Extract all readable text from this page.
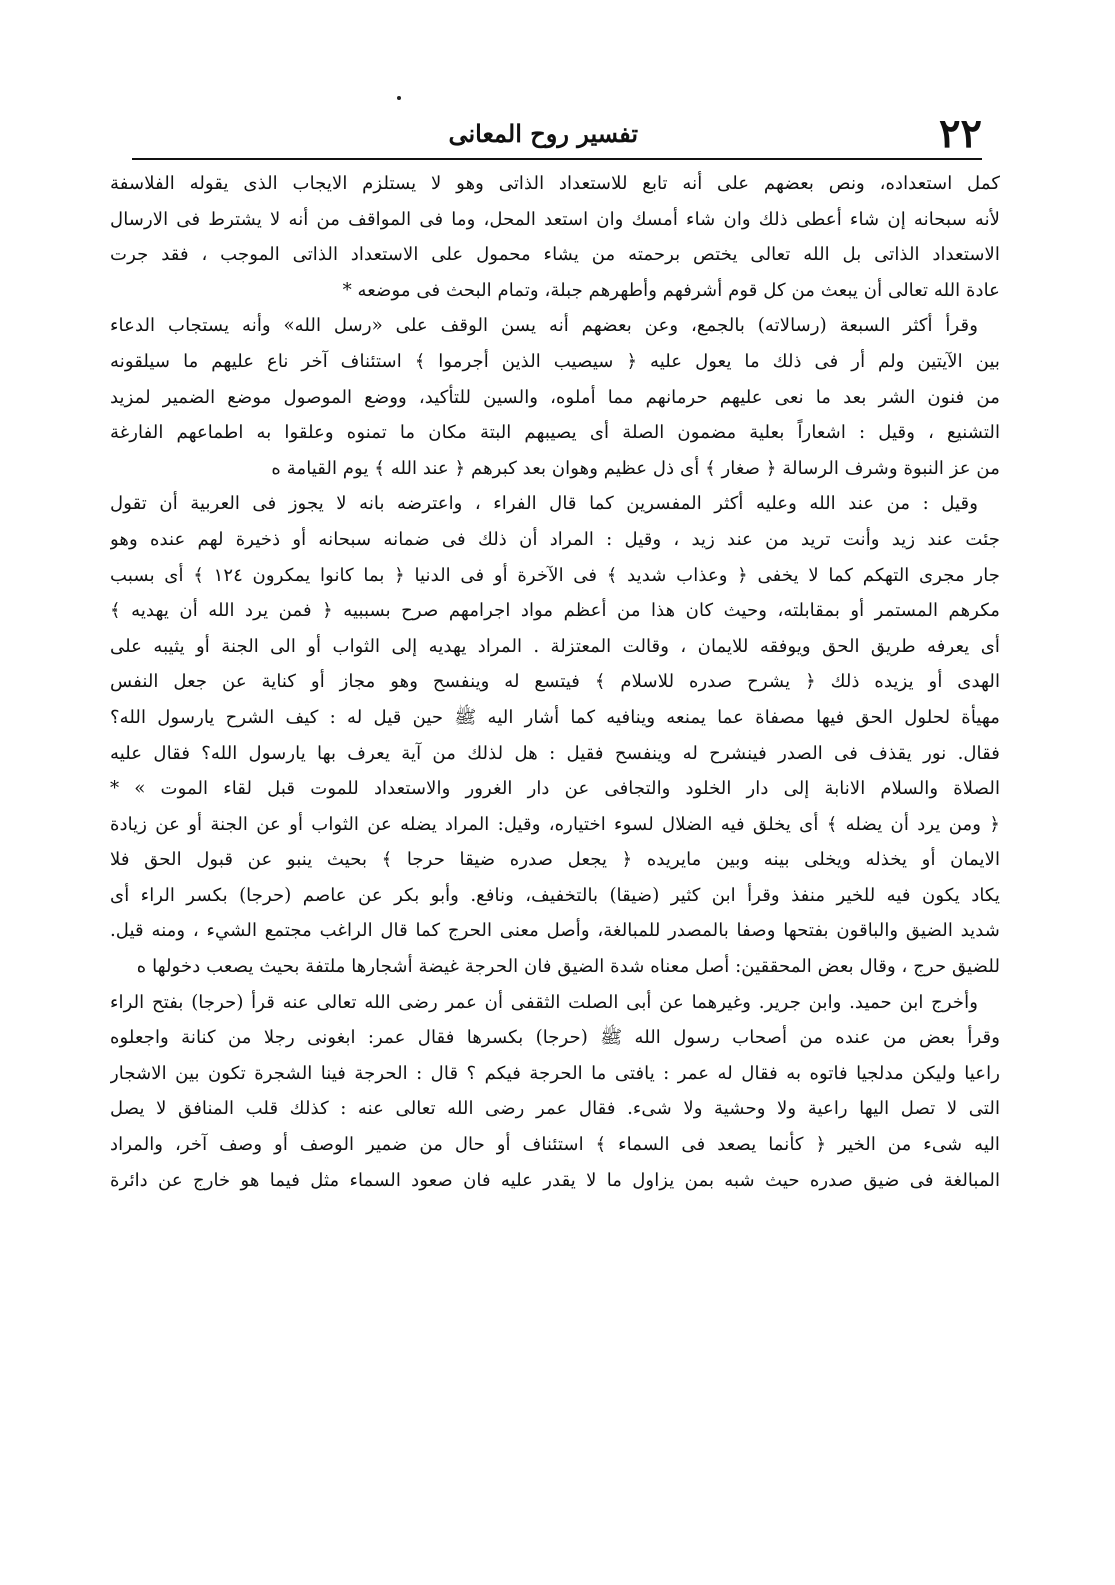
٢٢
تفسير روح المعانى
كمل استعداده، ونص بعضهم على أنه تابع للاستعداد الذاتى وهو لا يستلزم الايجاب الذى يقوله الفلاسفة
لأنه سبحانه إن شاء أعطى ذلك وان شاء أمسك وان استعد المحل، وما فى المواقف من أنه لا يشترط فى الارسال
الاستعداد الذاتى بل الله تعالى يختص برحمته من يشاء محمول على الاستعداد الذاتى الموجب ، فقد جرت
عادة الله تعالى أن يبعث من كل قوم أشرفهم وأطهرهم جبلة، وتمام البحث فى موضعه *
وقرأ أكثر السبعة (رسالاته) بالجمع، وعن بعضهم أنه يسن الوقف على «رسل الله» وأنه يستجاب الدعاء
بين الآيتين ولم أر فى ذلك ما يعول عليه ﴿ سيصيب الذين أجرموا ﴾ استئناف آخر ناع عليهم ما سيلقونه
من فنون الشر بعد ما نعى عليهم حرمانهم مما أملوه، والسين للتأكيد، ووضع الموصول موضع الضمير لمزيد
التشنيع ، وقيل : اشعاراً بعلية مضمون الصلة أى يصيبهم البتة مكان ما تمنوه وعلقوا به اطماعهم الفارغة
من عز النبوة وشرف الرسالة ﴿ صغار ﴾ أى ذل عظيم وهوان بعد كبرهم ﴿ عند الله ﴾ يوم القيامة ه
وقيل : من عند الله وعليه أكثر المفسرين كما قال الفراء ، واعترضه بانه لا يجوز فى العربية أن تقول
جئت عند زيد وأنت تريد من عند زيد ، وقيل : المراد أن ذلك فى ضمانه سبحانه أو ذخيرة لهم عنده وهو
جار مجرى التهكم كما لا يخفى ﴿ وعذاب شديد ﴾ فى الآخرة أو فى الدنيا ﴿ بما كانوا يمكرون ١٢٤ ﴾ أى بسبب
مكرهم المستمر أو بمقابلته، وحيث كان هذا من أعظم مواد اجرامهم صرح بسببيه ﴿ فمن يرد الله أن يهديه ﴾
أى يعرفه طريق الحق ويوفقه للايمان ، وقالت المعتزلة . المراد يهديه إلى الثواب أو الى الجنة أو يثيبه على
الهدى أو يزيده ذلك ﴿ يشرح صدره للاسلام ﴾ فيتسع له وينفسح وهو مجاز أو كناية عن جعل النفس
مهيأة لحلول الحق فيها مصفاة عما يمنعه وينافيه كما أشار اليه ﷺ حين قيل له : كيف الشرح يارسول الله؟
فقال. نور يقذف فى الصدر فينشرح له وينفسح فقيل : هل لذلك من آية يعرف بها يارسول الله؟ فقال عليه
الصلاة والسلام الانابة إلى دار الخلود والتجافى عن دار الغرور والاستعداد للموت قبل لقاء الموت » *
﴿ ومن يرد أن يضله ﴾ أى يخلق فيه الضلال لسوء اختياره، وقيل: المراد يضله عن الثواب أو عن الجنة أو عن زيادة
الايمان أو يخذله ويخلى بينه وبين مايريده ﴿ يجعل صدره ضيقا حرجا ﴾ بحيث ينبو عن قبول الحق فلا
يكاد يكون فيه للخير منفذ وقرأ ابن كثير (ضيقا) بالتخفيف، ونافع. وأبو بكر عن عاصم (حرجا) بكسر الراء أى
شديد الضيق والباقون بفتحها وصفا بالمصدر للمبالغة، وأصل معنى الحرج كما قال الراغب مجتمع الشيء ، ومنه قيل.
للضيق حرج ، وقال بعض المحققين: أصل معناه شدة الضيق فان الحرجة غيضة أشجارها ملتفة بحيث يصعب دخولها ه
وأخرج ابن حميد. وابن جرير. وغيرهما عن أبى الصلت الثقفى أن عمر رضى الله تعالى عنه قرأ (حرجا) بفتح الراء
وقرأ بعض من عنده من أصحاب رسول الله ﷺ (حرجا) بكسرها فقال عمر: ابغونى رجلا من كنانة واجعلوه
راعيا وليكن مدلجيا فاتوه به فقال له عمر : يافتى ما الحرجة فيكم ؟ قال : الحرجة فينا الشجرة تكون بين الاشجار
التى لا تصل اليها راعية ولا وحشية ولا شىء. فقال عمر رضى الله تعالى عنه : كذلك قلب المنافق لا يصل
اليه شىء من الخير ﴿ كأنما يصعد فى السماء ﴾ استئناف أو حال من ضمير الوصف أو وصف آخر، والمراد
المبالغة فى ضيق صدره حيث شبه بمن يزاول ما لا يقدر عليه فان صعود السماء مثل فيما هو خارج عن دائرة
